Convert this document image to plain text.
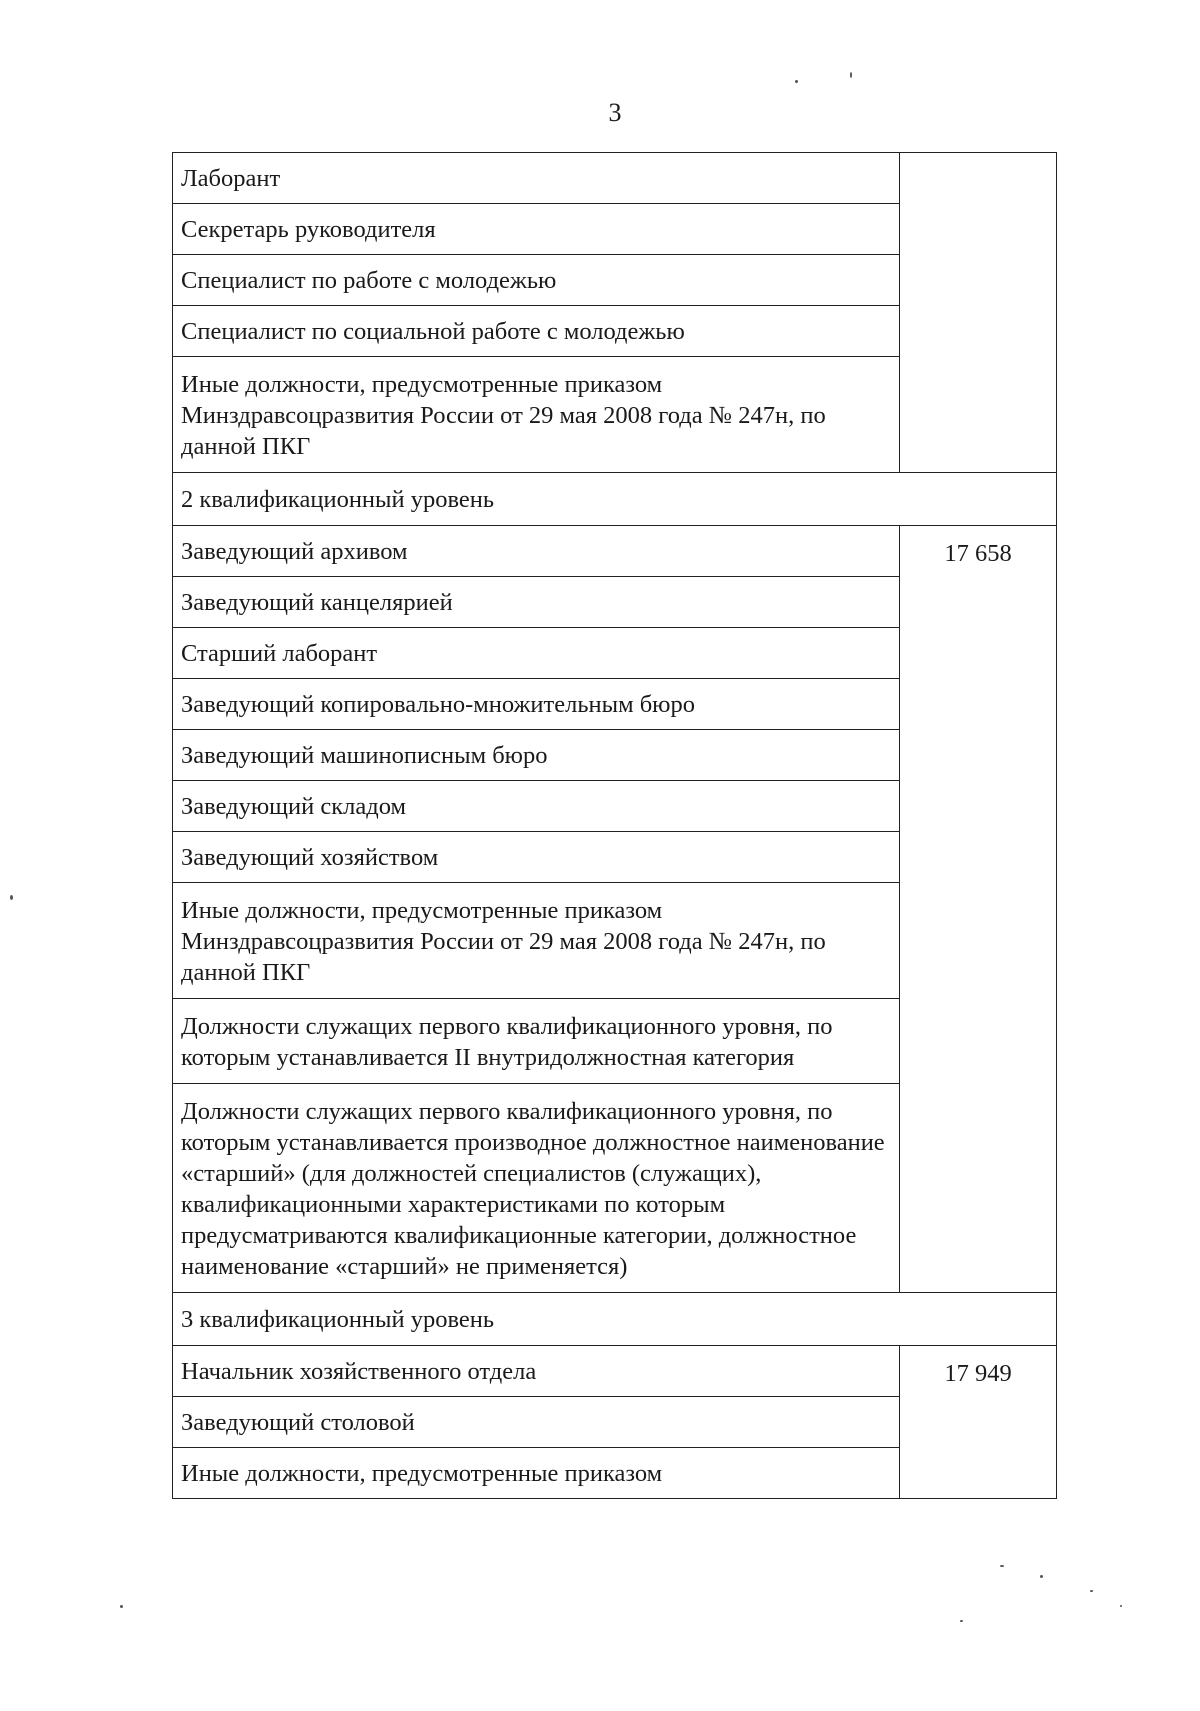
3
Лаборант	
Секретарь руководителя	
Специалист по работе с молодежью	
Специалист по социальной работе с молодежью	
Иные должности, предусмотренные приказом Минздравсоцразвития России от 29 мая 2008 года № 247н, по данной ПКГ	
2 квалификационный уровень	
Заведующий архивом	17 658
Заведующий канцелярией	
Старший лаборант	
Заведующий копировально-множительным бюро	
Заведующий машинописным бюро	
Заведующий складом	
Заведующий хозяйством	
Иные должности, предусмотренные приказом Минздравсоцразвития России от 29 мая 2008 года № 247н, по данной ПКГ	
Должности служащих первого квалификационного уровня, по которым устанавливается II внутридолжностная категория	
Должности служащих первого квалификационного уровня, по которым устанавливается производное должностное наименование «старший» (для должностей специалистов (служащих), квалификационными характеристиками по которым предусматриваются квалификационные категории, должностное наименование «старший» не применяется)	
3 квалификационный уровень	
Начальник хозяйственного отдела	17 949
Заведующий столовой	
Иные должности, предусмотренные приказом	
